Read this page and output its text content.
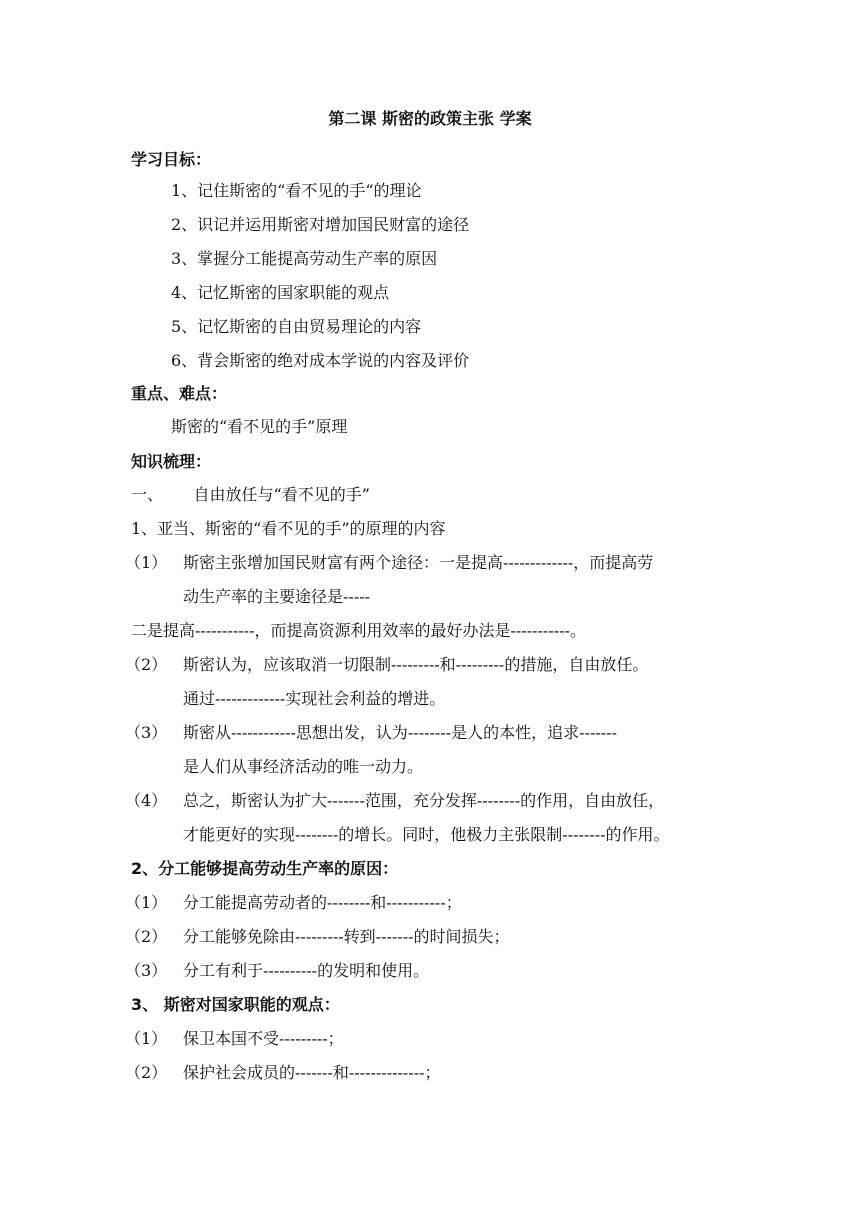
第二课 斯密的政策主张 学案
学习目标：
1、记住斯密的“看不见的手“的理论
2、识记并运用斯密对增加国民财富的途径
3、掌握分工能提高劳动生产率的原因
4、记忆斯密的国家职能的观点
5、记忆斯密的自由贸易理论的内容
6、背会斯密的绝对成本学说的内容及评价
重点、难点：
斯密的“看不见的手”原理
知识梳理：
一、      自由放任与“看不见的手”
1、亚当、斯密的“看不见的手”的原理的内容
（1） 斯密主张增加国民财富有两个途径：一是提高-------------，而提高劳
动生产率的主要途径是-----
二是提高-----------，而提高资源利用效率的最好办法是-----------。
（2） 斯密认为，应该取消一切限制---------和---------的措施，自由放任。
通过-------------实现社会利益的增进。
（3） 斯密从------------思想出发，认为--------是人的本性，追求-------
是人们从事经济活动的唯一动力。
（4） 总之，斯密认为扩大-------范围，充分发挥--------的作用，自由放任，
才能更好的实现--------的增长。同时，他极力主张限制--------的作用。
2、分工能够提高劳动生产率的原因：
（1） 分工能提高劳动者的--------和-----------；
（2） 分工能够免除由---------转到-------的时间损失；
（3） 分工有利于----------的发明和使用。
3、 斯密对国家职能的观点：
（1） 保卫本国不受---------；
（2） 保护社会成员的-------和--------------；
